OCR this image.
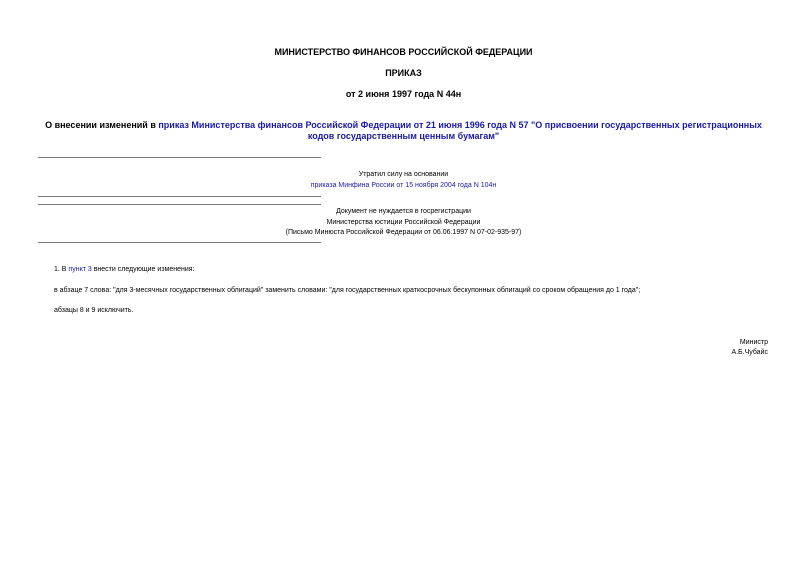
МИНИСТЕРСТВО ФИНАНСОВ РОССИЙСКОЙ ФЕДЕРАЦИИ
ПРИКАЗ
от 2 июня 1997 года N 44н
О внесении изменений в приказ Министерства финансов Российской Федерации от 21 июня 1996 года N 57 "О присвоении государственных регистрационных кодов государственным ценным бумагам"
Утратил силу на основании
приказа Минфина России от 15 ноября 2004 года N 104н
Документ не нуждается в госрегистрации
Министерства юстиции Российской Федерации
(Письмо Минюста Российской Федерации от 06.06.1997 N 07-02-935-97)
1. В пункт 3 внести следующие изменения:
в абзаце 7 слова: "для 3-месячных государственных облигаций" заменить словами: "для государственных краткосрочных бескупонных облигаций со сроком обращения до 1 года";
абзацы 8 и 9 исключить.
Министр
А.Б.Чубайс
